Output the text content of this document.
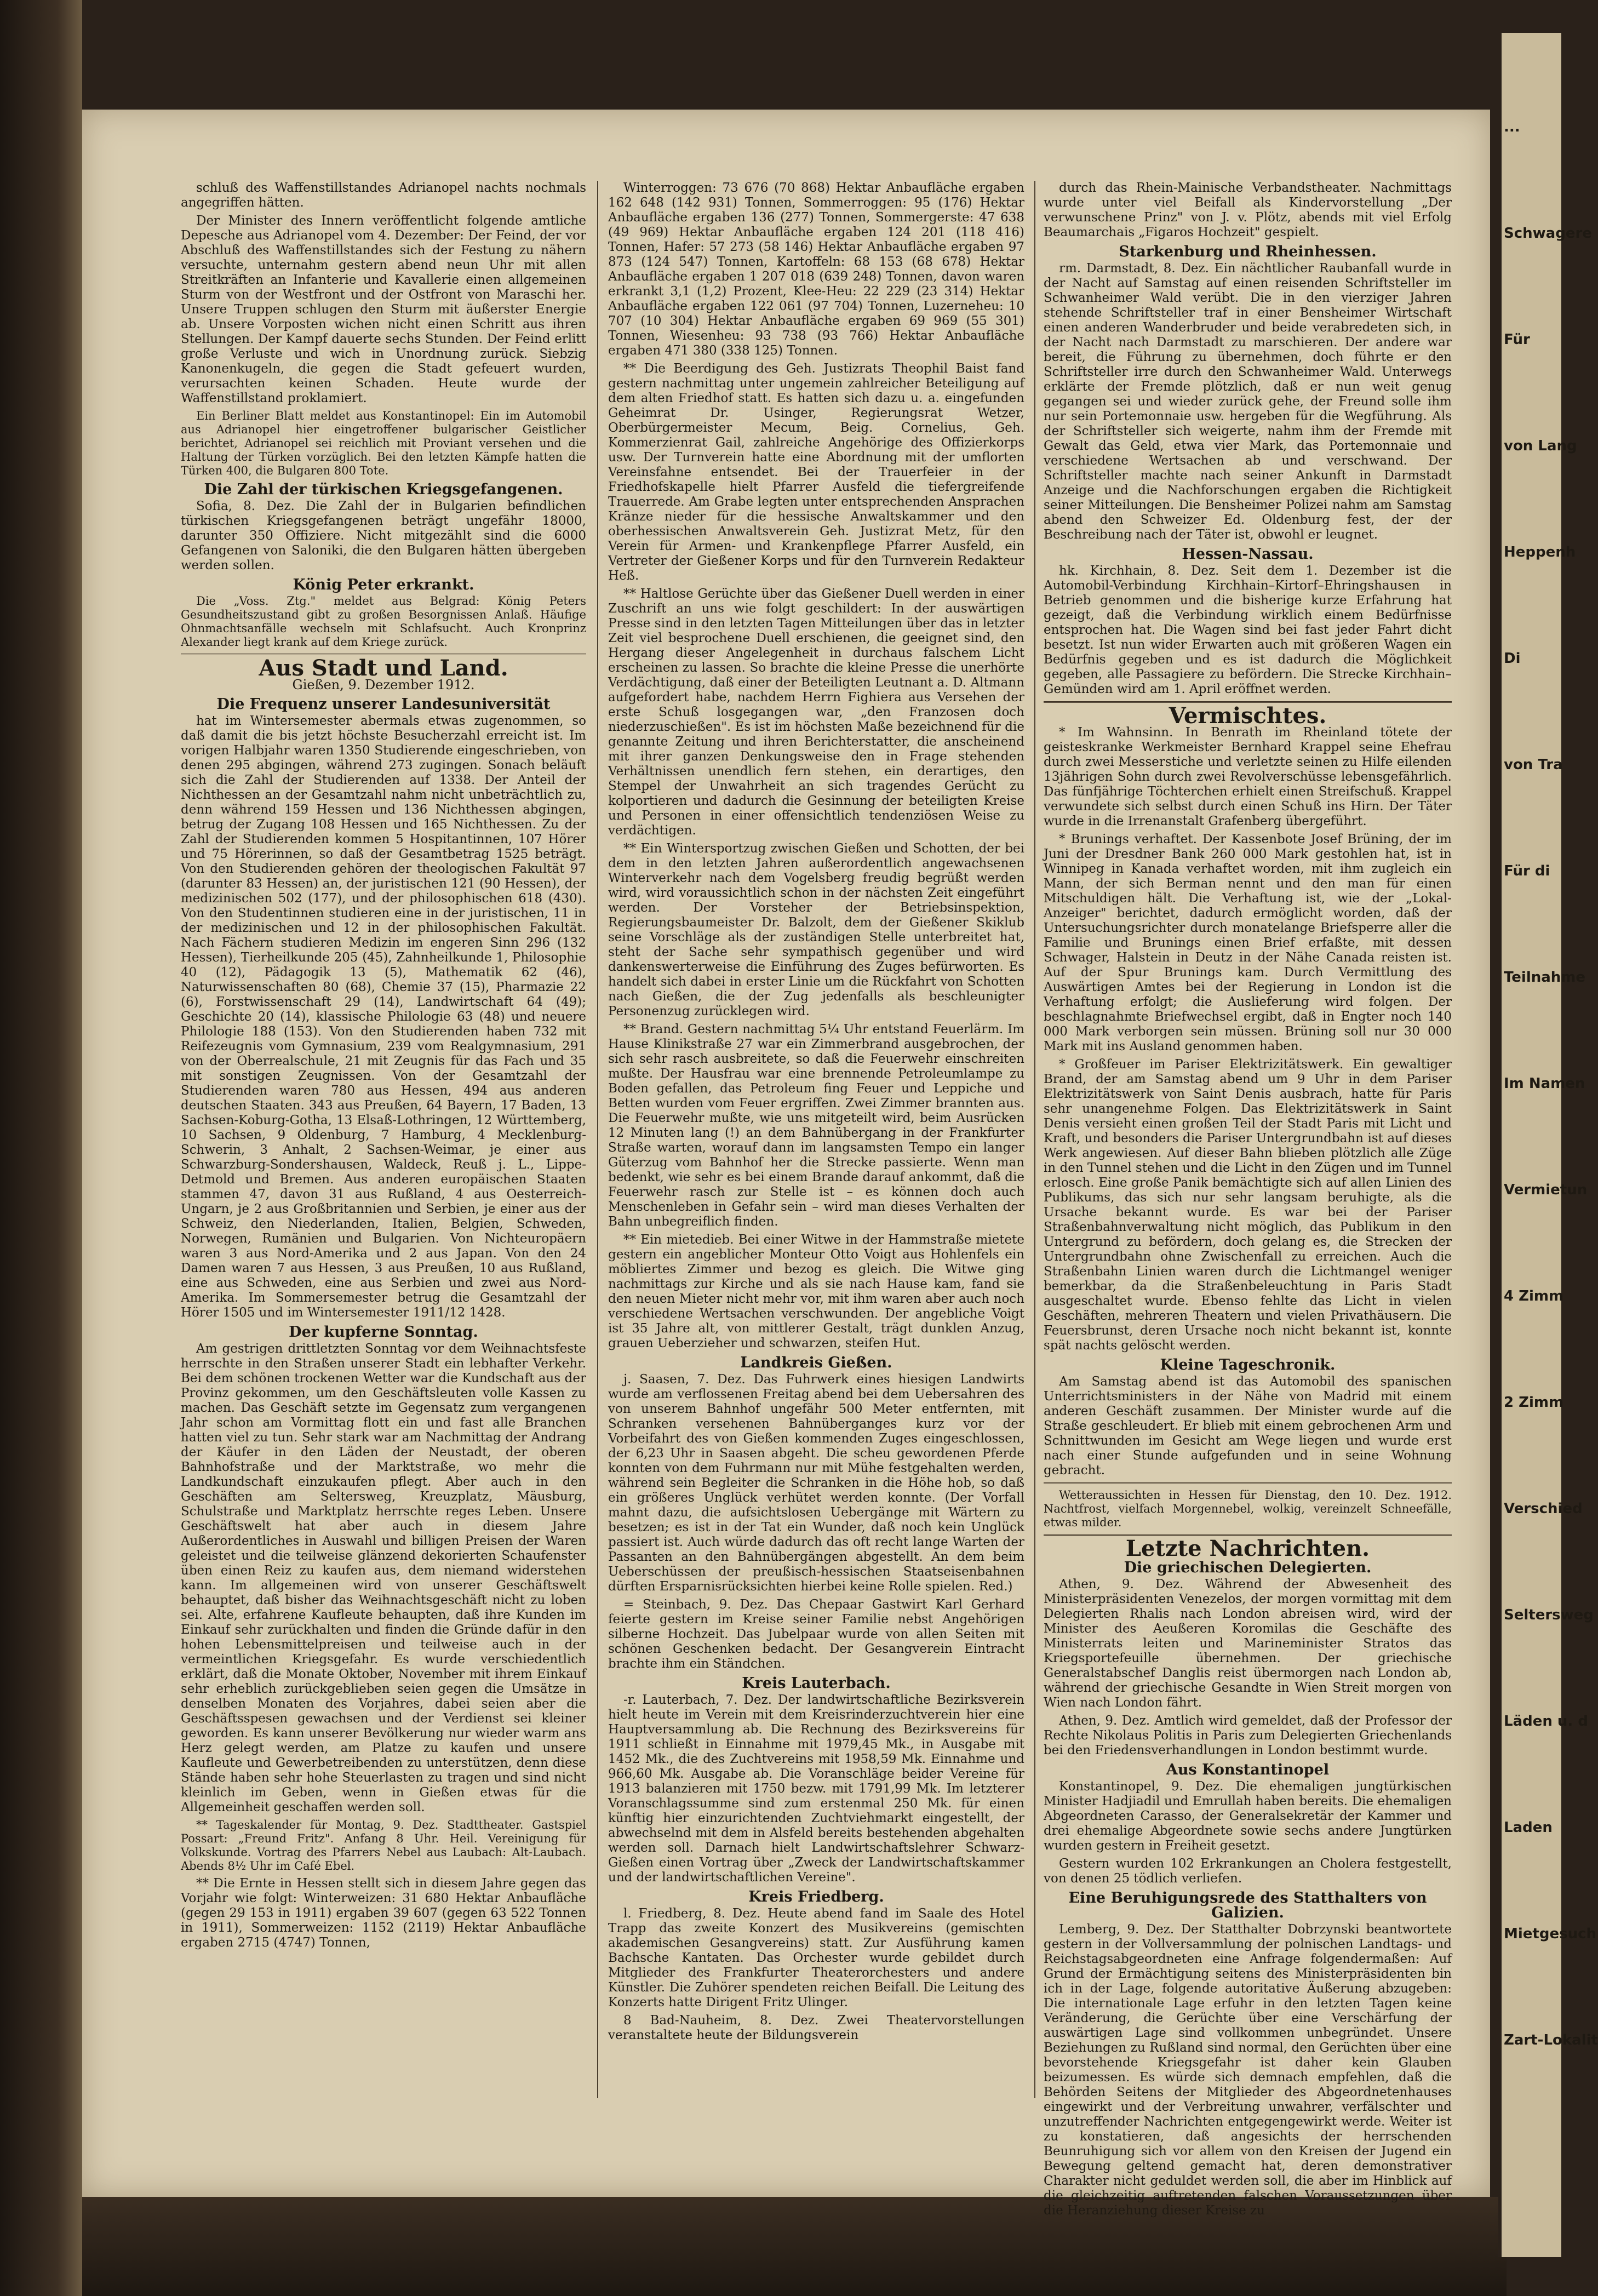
...
Schwagere
Für
von Lang
Heppenh
Di
von Tra
Für di
Teilnahme
Im Namen
Vermietun
4 Zimm
2 Zimm
Verschied
Seltersweg
Läden u. d
Laden
Mietgesuch
Zart-Lokalit

schluß des Waffenstillstandes Adrianopel nachts nochmals angegriffen hätten.

Der Minister des Innern veröffentlicht folgende amtliche Depesche aus Adrianopel vom 4. Dezember: Der Feind, der vor Abschluß des Waffenstillstandes sich der Festung zu nähern versuchte, unternahm gestern abend neun Uhr mit allen Streitkräften an Infanterie und Kavallerie einen allgemeinen Sturm von der Westfront und der Ostfront von Maraschi her. Unsere Truppen schlugen den Sturm mit äußerster Energie ab. Unsere Vorposten wichen nicht einen Schritt aus ihren Stellungen. Der Kampf dauerte sechs Stunden. Der Feind erlitt große Verluste und wich in Unordnung zurück. Siebzig Kanonenkugeln, die gegen die Stadt gefeuert wurden, verursachten keinen Schaden. Heute wurde der Waffenstillstand proklamiert.

Ein Berliner Blatt meldet aus Konstantinopel: Ein im Automobil aus Adrianopel hier eingetroffener bulgarischer Geistlicher berichtet, Adrianopel sei reichlich mit Proviant versehen und die Haltung der Türken vorzüglich. Bei den letzten Kämpfe hatten die Türken 400, die Bulgaren 800 Tote.

Die Zahl der türkischen Kriegsgefangenen.

Sofia, 8. Dez. Die Zahl der in Bulgarien befindlichen türkischen Kriegsgefangenen beträgt ungefähr 18000, darunter 350 Offiziere. Nicht mitgezählt sind die 6000 Gefangenen von Saloniki, die den Bulgaren hätten übergeben werden sollen.

König Peter erkrankt.

Die „Voss. Ztg." meldet aus Belgrad: König Peters Gesundheitszustand gibt zu großen Besorgnissen Anlaß. Häufige Ohnmachtsanfälle wechseln mit Schlafsucht. Auch Kronprinz Alexander liegt krank auf dem Kriege zurück.

Aus Stadt und Land.
Gießen, 9. Dezember 1912.
Die Frequenz unserer Landesuniversität

hat im Wintersemester abermals etwas zugenommen, so daß damit die bis jetzt höchste Besucherzahl erreicht ist. Im vorigen Halbjahr waren 1350 Studierende eingeschrieben, von denen 295 abgingen, während 273 zugingen. Sonach beläuft sich die Zahl der Studierenden auf 1338. Der Anteil der Nichthessen an der Gesamtzahl nahm nicht unbeträchtlich zu, denn während 159 Hessen und 136 Nichthessen abgingen, betrug der Zugang 108 Hessen und 165 Nichthessen. Zu der Zahl der Studierenden kommen 5 Hospitantinnen, 107 Hörer und 75 Hörerinnen, so daß der Gesamtbetrag 1525 beträgt. Von den Studierenden gehören der theologischen Fakultät 97 (darunter 83 Hessen) an, der juristischen 121 (90 Hessen), der medizinischen 502 (177), und der philosophischen 618 (430). Von den Studentinnen studieren eine in der juristischen, 11 in der medizinischen und 12 in der philosophischen Fakultät. Nach Fächern studieren Medizin im engeren Sinn 296 (132 Hessen), Tierheilkunde 205 (45), Zahnheilkunde 1, Philosophie 40 (12), Pädagogik 13 (5), Mathematik 62 (46), Naturwissenschaften 80 (68), Chemie 37 (15), Pharmazie 22 (6), Forstwissenschaft 29 (14), Landwirtschaft 64 (49); Geschichte 20 (14), klassische Philologie 63 (48) und neuere Philologie 188 (153). Von den Studierenden haben 732 mit Reifezeugnis vom Gymnasium, 239 vom Realgymnasium, 291 von der Oberrealschule, 21 mit Zeugnis für das Fach und 35 mit sonstigen Zeugnissen. Von der Gesamtzahl der Studierenden waren 780 aus Hessen, 494 aus anderen deutschen Staaten. 343 aus Preußen, 64 Bayern, 17 Baden, 13 Sachsen-Koburg-Gotha, 13 Elsaß-Lothringen, 12 Württemberg, 10 Sachsen, 9 Oldenburg, 7 Hamburg, 4 Mecklenburg-Schwerin, 3 Anhalt, 2 Sachsen-Weimar, je einer aus Schwarzburg-Sondershausen, Waldeck, Reuß j. L., Lippe-Detmold und Bremen. Aus anderen europäischen Staaten stammen 47, davon 31 aus Rußland, 4 aus Oesterreich-Ungarn, je 2 aus Großbritannien und Serbien, je einer aus der Schweiz, den Niederlanden, Italien, Belgien, Schweden, Norwegen, Rumänien und Bulgarien. Von Nichteuropäern waren 3 aus Nord-Amerika und 2 aus Japan. Von den 24 Damen waren 7 aus Hessen, 3 aus Preußen, 10 aus Rußland, eine aus Schweden, eine aus Serbien und zwei aus Nord-Amerika. Im Sommersemester betrug die Gesamtzahl der Hörer 1505 und im Wintersemester 1911/12 1428.

Der kupferne Sonntag.

Am gestrigen drittletzten Sonntag vor dem Weihnachtsfeste herrschte in den Straßen unserer Stadt ein lebhafter Verkehr. Bei dem schönen trockenen Wetter war die Kundschaft aus der Provinz gekommen, um den Geschäftsleuten volle Kassen zu machen. Das Geschäft setzte im Gegensatz zum vergangenen Jahr schon am Vormittag flott ein und fast alle Branchen hatten viel zu tun. Sehr stark war am Nachmittag der Andrang der Käufer in den Läden der Neustadt, der oberen Bahnhofstraße und der Marktstraße, wo mehr die Landkundschaft einzukaufen pflegt. Aber auch in den Geschäften am Seltersweg, Kreuzplatz, Mäusburg, Schulstraße und Marktplatz herrschte reges Leben. Unsere Geschäftswelt hat aber auch in diesem Jahre Außerordentliches in Auswahl und billigen Preisen der Waren geleistet und die teilweise glänzend dekorierten Schaufenster üben einen Reiz zu kaufen aus, dem niemand widerstehen kann. Im allgemeinen wird von unserer Geschäftswelt behauptet, daß bisher das Weihnachtsgeschäft nicht zu loben sei. Alte, erfahrene Kaufleute behaupten, daß ihre Kunden im Einkauf sehr zurückhalten und finden die Gründe dafür in den hohen Lebensmittelpreisen und teilweise auch in der vermeintlichen Kriegsgefahr. Es wurde verschiedentlich erklärt, daß die Monate Oktober, November mit ihrem Einkauf sehr erheblich zurückgeblieben seien gegen die Umsätze in denselben Monaten des Vorjahres, dabei seien aber die Geschäftsspesen gewachsen und der Verdienst sei kleiner geworden. Es kann unserer Bevölkerung nur wieder warm ans Herz gelegt werden, am Platze zu kaufen und unsere Kaufleute und Gewerbetreibenden zu unterstützen, denn diese Stände haben sehr hohe Steuerlasten zu tragen und sind nicht kleinlich im Geben, wenn in Gießen etwas für die Allgemeinheit geschaffen werden soll.

** Tageskalender für Montag, 9. Dez. Stadttheater. Gastspiel Possart: „Freund Fritz". Anfang 8 Uhr. Heil. Vereinigung für Volkskunde. Vortrag des Pfarrers Nebel aus Laubach: Alt-Laubach. Abends 8½ Uhr im Café Ebel.

** Die Ernte in Hessen stellt sich in diesem Jahre gegen das Vorjahr wie folgt: Winterweizen: 31 680 Hektar Anbaufläche (gegen 29 153 in 1911) ergaben 39 607 (gegen 63 522 Tonnen in 1911), Sommerweizen: 1152 (2119) Hektar Anbaufläche ergaben 2715 (4747) Tonnen,

Winterroggen: 73 676 (70 868) Hektar Anbaufläche ergaben 162 648 (142 931) Tonnen, Sommerroggen: 95 (176) Hektar Anbaufläche ergaben 136 (277) Tonnen, Sommergerste: 47 638 (49 969) Hektar Anbaufläche ergaben 124 201 (118 416) Tonnen, Hafer: 57 273 (58 146) Hektar Anbaufläche ergaben 97 873 (124 547) Tonnen, Kartoffeln: 68 153 (68 678) Hektar Anbaufläche ergaben 1 207 018 (639 248) Tonnen, davon waren erkrankt 3,1 (1,2) Prozent, Klee-Heu: 22 229 (23 314) Hektar Anbaufläche ergaben 122 061 (97 704) Tonnen, Luzerneheu: 10 707 (10 304) Hektar Anbaufläche ergaben 69 969 (55 301) Tonnen, Wiesenheu: 93 738 (93 766) Hektar Anbaufläche ergaben 471 380 (338 125) Tonnen.

** Die Beerdigung des Geh. Justizrats Theophil Baist fand gestern nachmittag unter ungemein zahlreicher Beteiligung auf dem alten Friedhof statt. Es hatten sich dazu u. a. eingefunden Geheimrat Dr. Usinger, Regierungsrat Wetzer, Oberbürgermeister Mecum, Beig. Cornelius, Geh. Kommerzienrat Gail, zahlreiche Angehörige des Offizierkorps usw. Der Turnverein hatte eine Abordnung mit der umflorten Vereinsfahne entsendet. Bei der Trauerfeier in der Friedhofskapelle hielt Pfarrer Ausfeld die tiefergreifende Trauerrede. Am Grabe legten unter entsprechenden Ansprachen Kränze nieder für die hessische Anwaltskammer und den oberhessischen Anwaltsverein Geh. Justizrat Metz, für den Verein für Armen- und Krankenpflege Pfarrer Ausfeld, ein Vertreter der Gießener Korps und für den Turnverein Redakteur Heß.

** Haltlose Gerüchte über das Gießener Duell werden in einer Zuschrift an uns wie folgt geschildert: In der auswärtigen Presse sind in den letzten Tagen Mitteilungen über das in letzter Zeit viel besprochene Duell erschienen, die geeignet sind, den Hergang dieser Angelegenheit in durchaus falschem Licht erscheinen zu lassen. So brachte die kleine Presse die unerhörte Verdächtigung, daß einer der Beteiligten Leutnant a. D. Altmann aufgefordert habe, nachdem Herrn Fighiera aus Versehen der erste Schuß losgegangen war, „den Franzosen doch niederzuschießen". Es ist im höchsten Maße bezeichnend für die genannte Zeitung und ihren Berichterstatter, die anscheinend mit ihrer ganzen Denkungsweise den in Frage stehenden Verhältnissen unendlich fern stehen, ein derartiges, den Stempel der Unwahrheit an sich tragendes Gerücht zu kolportieren und dadurch die Gesinnung der beteiligten Kreise und Personen in einer offensichtlich tendenziösen Weise zu verdächtigen.

** Ein Wintersportzug zwischen Gießen und Schotten, der bei dem in den letzten Jahren außerordentlich angewachsenen Winterverkehr nach dem Vogelsberg freudig begrüßt werden wird, wird voraussichtlich schon in der nächsten Zeit eingeführt werden. Der Vorsteher der Betriebsinspektion, Regierungsbaumeister Dr. Balzolt, dem der Gießener Skiklub seine Vorschläge als der zuständigen Stelle unterbreitet hat, steht der Sache sehr sympathisch gegenüber und wird dankenswerterweise die Einführung des Zuges befürworten. Es handelt sich dabei in erster Linie um die Rückfahrt von Schotten nach Gießen, die der Zug jedenfalls als beschleunigter Personenzug zurücklegen wird.

** Brand. Gestern nachmittag 5¼ Uhr entstand Feuerlärm. Im Hause Klinikstraße 27 war ein Zimmerbrand ausgebrochen, der sich sehr rasch ausbreitete, so daß die Feuerwehr einschreiten mußte. Der Hausfrau war eine brennende Petroleumlampe zu Boden gefallen, das Petroleum fing Feuer und Leppiche und Betten wurden vom Feuer ergriffen. Zwei Zimmer brannten aus. Die Feuerwehr mußte, wie uns mitgeteilt wird, beim Ausrücken 12 Minuten lang (!) an dem Bahnübergang in der Frankfurter Straße warten, worauf dann im langsamsten Tempo ein langer Güterzug vom Bahnhof her die Strecke passierte. Wenn man bedenkt, wie sehr es bei einem Brande darauf ankommt, daß die Feuerwehr rasch zur Stelle ist – es können doch auch Menschenleben in Gefahr sein – wird man dieses Verhalten der Bahn unbegreiflich finden.

** Ein mietedieb. Bei einer Witwe in der Hammstraße mietete gestern ein angeblicher Monteur Otto Voigt aus Hohlenfels ein möbliertes Zimmer und bezog es gleich. Die Witwe ging nachmittags zur Kirche und als sie nach Hause kam, fand sie den neuen Mieter nicht mehr vor, mit ihm waren aber auch noch verschiedene Wertsachen verschwunden. Der angebliche Voigt ist 35 Jahre alt, von mittlerer Gestalt, trägt dunklen Anzug, grauen Ueberzieher und schwarzen, steifen Hut.

Landkreis Gießen.

j. Saasen, 7. Dez. Das Fuhrwerk eines hiesigen Landwirts wurde am verflossenen Freitag abend bei dem Uebersahren des von unserem Bahnhof ungefähr 500 Meter entfernten, mit Schranken versehenen Bahnüberganges kurz vor der Vorbeifahrt des von Gießen kommenden Zuges eingeschlossen, der 6,23 Uhr in Saasen abgeht. Die scheu gewordenen Pferde konnten von dem Fuhrmann nur mit Mühe festgehalten werden, während sein Begleiter die Schranken in die Höhe hob, so daß ein größeres Unglück verhütet werden konnte. (Der Vorfall mahnt dazu, die aufsichtslosen Uebergänge mit Wärtern zu besetzen; es ist in der Tat ein Wunder, daß noch kein Unglück passiert ist. Auch würde dadurch das oft recht lange Warten der Passanten an den Bahnübergängen abgestellt. An dem beim Ueberschüssen der preußisch-hessischen Staatseisenbahnen dürften Ersparnisrücksichten hierbei keine Rolle spielen. Red.)

= Steinbach, 9. Dez. Das Chepaar Gastwirt Karl Gerhard feierte gestern im Kreise seiner Familie nebst Angehörigen silberne Hochzeit. Das Jubelpaar wurde von allen Seiten mit schönen Geschenken bedacht. Der Gesangverein Eintracht brachte ihm ein Ständchen.

Kreis Lauterbach.

-r. Lauterbach, 7. Dez. Der landwirtschaftliche Bezirksverein hielt heute im Verein mit dem Kreisrinderzuchtverein hier eine Hauptversammlung ab. Die Rechnung des Bezirksvereins für 1911 schließt in Einnahme mit 1979,45 Mk., in Ausgabe mit 1452 Mk., die des Zuchtvereins mit 1958,59 Mk. Einnahme und 966,60 Mk. Ausgabe ab. Die Voranschläge beider Vereine für 1913 balanzieren mit 1750 bezw. mit 1791,99 Mk. Im letzterer Voranschlagssumme sind zum erstenmal 250 Mk. für einen künftig hier einzurichtenden Zuchtviehmarkt eingestellt, der abwechselnd mit dem in Alsfeld bereits bestehenden abgehalten werden soll. Darnach hielt Landwirtschaftslehrer Schwarz-Gießen einen Vortrag über „Zweck der Landwirtschaftskammer und der landwirtschaftlichen Vereine".

Kreis Friedberg.

l. Friedberg, 8. Dez. Heute abend fand im Saale des Hotel Trapp das zweite Konzert des Musikvereins (gemischten akademischen Gesangvereins) statt. Zur Ausführung kamen Bachsche Kantaten. Das Orchester wurde gebildet durch Mitglieder des Frankfurter Theaterorchesters und andere Künstler. Die Zuhörer spendeten reichen Beifall. Die Leitung des Konzerts hatte Dirigent Fritz Ulinger.

8 Bad-Nauheim, 8. Dez. Zwei Theatervorstellungen veranstaltete heute der Bildungsverein

durch das Rhein-Mainische Verbandstheater. Nachmittags wurde unter viel Beifall als Kindervorstellung „Der verwunschene Prinz" von J. v. Plötz, abends mit viel Erfolg Beaumarchais „Figaros Hochzeit" gespielt.

Starkenburg und Rheinhessen.

rm. Darmstadt, 8. Dez. Ein nächtlicher Raubanfall wurde in der Nacht auf Samstag auf einen reisenden Schriftsteller im Schwanheimer Wald verübt. Die in den vierziger Jahren stehende Schriftsteller traf in einer Bensheimer Wirtschaft einen anderen Wanderbruder und beide verabredeten sich, in der Nacht nach Darmstadt zu marschieren. Der andere war bereit, die Führung zu übernehmen, doch führte er den Schriftsteller irre durch den Schwanheimer Wald. Unterwegs erklärte der Fremde plötzlich, daß er nun weit genug gegangen sei und wieder zurück gehe, der Freund solle ihm nur sein Portemonnaie usw. hergeben für die Wegführung. Als der Schriftsteller sich weigerte, nahm ihm der Fremde mit Gewalt das Geld, etwa vier Mark, das Portemonnaie und verschiedene Wertsachen ab und verschwand. Der Schriftsteller machte nach seiner Ankunft in Darmstadt Anzeige und die Nachforschungen ergaben die Richtigkeit seiner Mitteilungen. Die Bensheimer Polizei nahm am Samstag abend den Schweizer Ed. Oldenburg fest, der der Beschreibung nach der Täter ist, obwohl er leugnet.

Hessen-Nassau.

hk. Kirchhain, 8. Dez. Seit dem 1. Dezember ist die Automobil-Verbindung Kirchhain–Kirtorf–Ehringshausen in Betrieb genommen und die bisherige kurze Erfahrung hat gezeigt, daß die Verbindung wirklich einem Bedürfnisse entsprochen hat. Die Wagen sind bei fast jeder Fahrt dicht besetzt. Ist nun wider Erwarten auch mit größeren Wagen ein Bedürfnis gegeben und es ist dadurch die Möglichkeit gegeben, alle Passagiere zu befördern. Die Strecke Kirchhain–Gemünden wird am 1. April eröffnet werden.

Vermischtes.

* Im Wahnsinn. In Benrath im Rheinland tötete der geisteskranke Werkmeister Bernhard Krappel seine Ehefrau durch zwei Messerstiche und verletzte seinen zu Hilfe eilenden 13jährigen Sohn durch zwei Revolverschüsse lebensgefährlich. Das fünfjährige Töchterchen erhielt einen Streifschuß. Krappel verwundete sich selbst durch einen Schuß ins Hirn. Der Täter wurde in die Irrenanstalt Grafenberg übergeführt.

* Brunings verhaftet. Der Kassenbote Josef Brüning, der im Juni der Dresdner Bank 260 000 Mark gestohlen hat, ist in Winnipeg in Kanada verhaftet worden, mit ihm zugleich ein Mann, der sich Berman nennt und den man für einen Mitschuldigen hält. Die Verhaftung ist, wie der „Lokal-Anzeiger" berichtet, dadurch ermöglicht worden, daß der Untersuchungsrichter durch monatelange Briefsperre aller die Familie und Brunings einen Brief erfaßte, mit dessen Schwager, Halstein in Deutz in der Nähe Canada reisten ist. Auf der Spur Brunings kam. Durch Vermittlung des Auswärtigen Amtes bei der Regierung in London ist die Verhaftung erfolgt; die Auslieferung wird folgen. Der beschlagnahmte Briefwechsel ergibt, daß in Engter noch 140 000 Mark verborgen sein müssen. Brüning soll nur 30 000 Mark mit ins Ausland genommen haben.

* Großfeuer im Pariser Elektrizitätswerk. Ein gewaltiger Brand, der am Samstag abend um 9 Uhr in dem Pariser Elektrizitätswerk von Saint Denis ausbrach, hatte für Paris sehr unangenehme Folgen. Das Elektrizitätswerk in Saint Denis versieht einen großen Teil der Stadt Paris mit Licht und Kraft, und besonders die Pariser Untergrundbahn ist auf dieses Werk angewiesen. Auf dieser Bahn blieben plötzlich alle Züge in den Tunnel stehen und die Licht in den Zügen und im Tunnel erlosch. Eine große Panik bemächtigte sich auf allen Linien des Publikums, das sich nur sehr langsam beruhigte, als die Ursache bekannt wurde. Es war bei der Pariser Straßenbahnverwaltung nicht möglich, das Publikum in den Untergrund zu befördern, doch gelang es, die Strecken der Untergrundbahn ohne Zwischenfall zu erreichen. Auch die Straßenbahn Linien waren durch die Lichtmangel weniger bemerkbar, da die Straßenbeleuchtung in Paris Stadt ausgeschaltet wurde. Ebenso fehlte das Licht in vielen Geschäften, mehreren Theatern und vielen Privathäusern. Die Feuersbrunst, deren Ursache noch nicht bekannt ist, konnte spät nachts gelöscht werden.

Kleine Tageschronik.

Am Samstag abend ist das Automobil des spanischen Unterrichtsministers in der Nähe von Madrid mit einem anderen Geschäft zusammen. Der Minister wurde auf die Straße geschleudert. Er blieb mit einem gebrochenen Arm und Schnittwunden im Gesicht am Wege liegen und wurde erst nach einer Stunde aufgefunden und in seine Wohnung gebracht.

Wetteraussichten in Hessen für Dienstag, den 10. Dez. 1912. Nachtfrost, vielfach Morgennebel, wolkig, vereinzelt Schneefälle, etwas milder.

Letzte Nachrichten.
Die griechischen Delegierten.

Athen, 9. Dez. Während der Abwesenheit des Ministerpräsidenten Venezelos, der morgen vormittag mit dem Delegierten Rhalis nach London abreisen wird, wird der Minister des Aeußeren Koromilas die Geschäfte des Ministerrats leiten und Marineminister Stratos das Kriegsportefeuille übernehmen. Der griechische Generalstabschef Danglis reist übermorgen nach London ab, während der griechische Gesandte in Wien Streit morgen von Wien nach London fährt.

Athen, 9. Dez. Amtlich wird gemeldet, daß der Professor der Rechte Nikolaus Politis in Paris zum Delegierten Griechenlands bei den Friedensverhandlungen in London bestimmt wurde.

Aus Konstantinopel

Konstantinopel, 9. Dez. Die ehemaligen jungtürkischen Minister Hadjiadil und Emrullah haben bereits. Die ehemaligen Abgeordneten Carasso, der Generalsekretär der Kammer und drei ehemalige Abgeordnete sowie sechs andere Jungtürken wurden gestern in Freiheit gesetzt.

Gestern wurden 102 Erkrankungen an Cholera festgestellt, von denen 25 tödlich verliefen.

Eine Beruhigungsrede des Statthalters von Galizien.

Lemberg, 9. Dez. Der Statthalter Dobrzynski beantwortete gestern in der Vollversammlung der polnischen Landtags- und Reichstagsabgeordneten eine Anfrage folgendermaßen: Auf Grund der Ermächtigung seitens des Ministerpräsidenten bin ich in der Lage, folgende autoritative Äußerung abzugeben: Die internationale Lage erfuhr in den letzten Tagen keine Veränderung, die Gerüchte über eine Verschärfung der auswärtigen Lage sind vollkommen unbegründet. Unsere Beziehungen zu Rußland sind normal, den Gerüchten über eine bevorstehende Kriegsgefahr ist daher kein Glauben beizumessen. Es würde sich demnach empfehlen, daß die Behörden Seitens der Mitglieder des Abgeordnetenhauses eingewirkt und der Verbreitung unwahrer, verfälschter und unzutreffender Nachrichten entgegengewirkt werde. Weiter ist zu konstatieren, daß angesichts der herrschenden Beunruhigung sich vor allem von den Kreisen der Jugend ein Bewegung geltend gemacht hat, deren demonstrativer Charakter nicht geduldet werden soll, die aber im Hinblick auf die gleichzeitig auftretenden falschen Voraussetzungen über die Heranziehung dieser Kreise zu
